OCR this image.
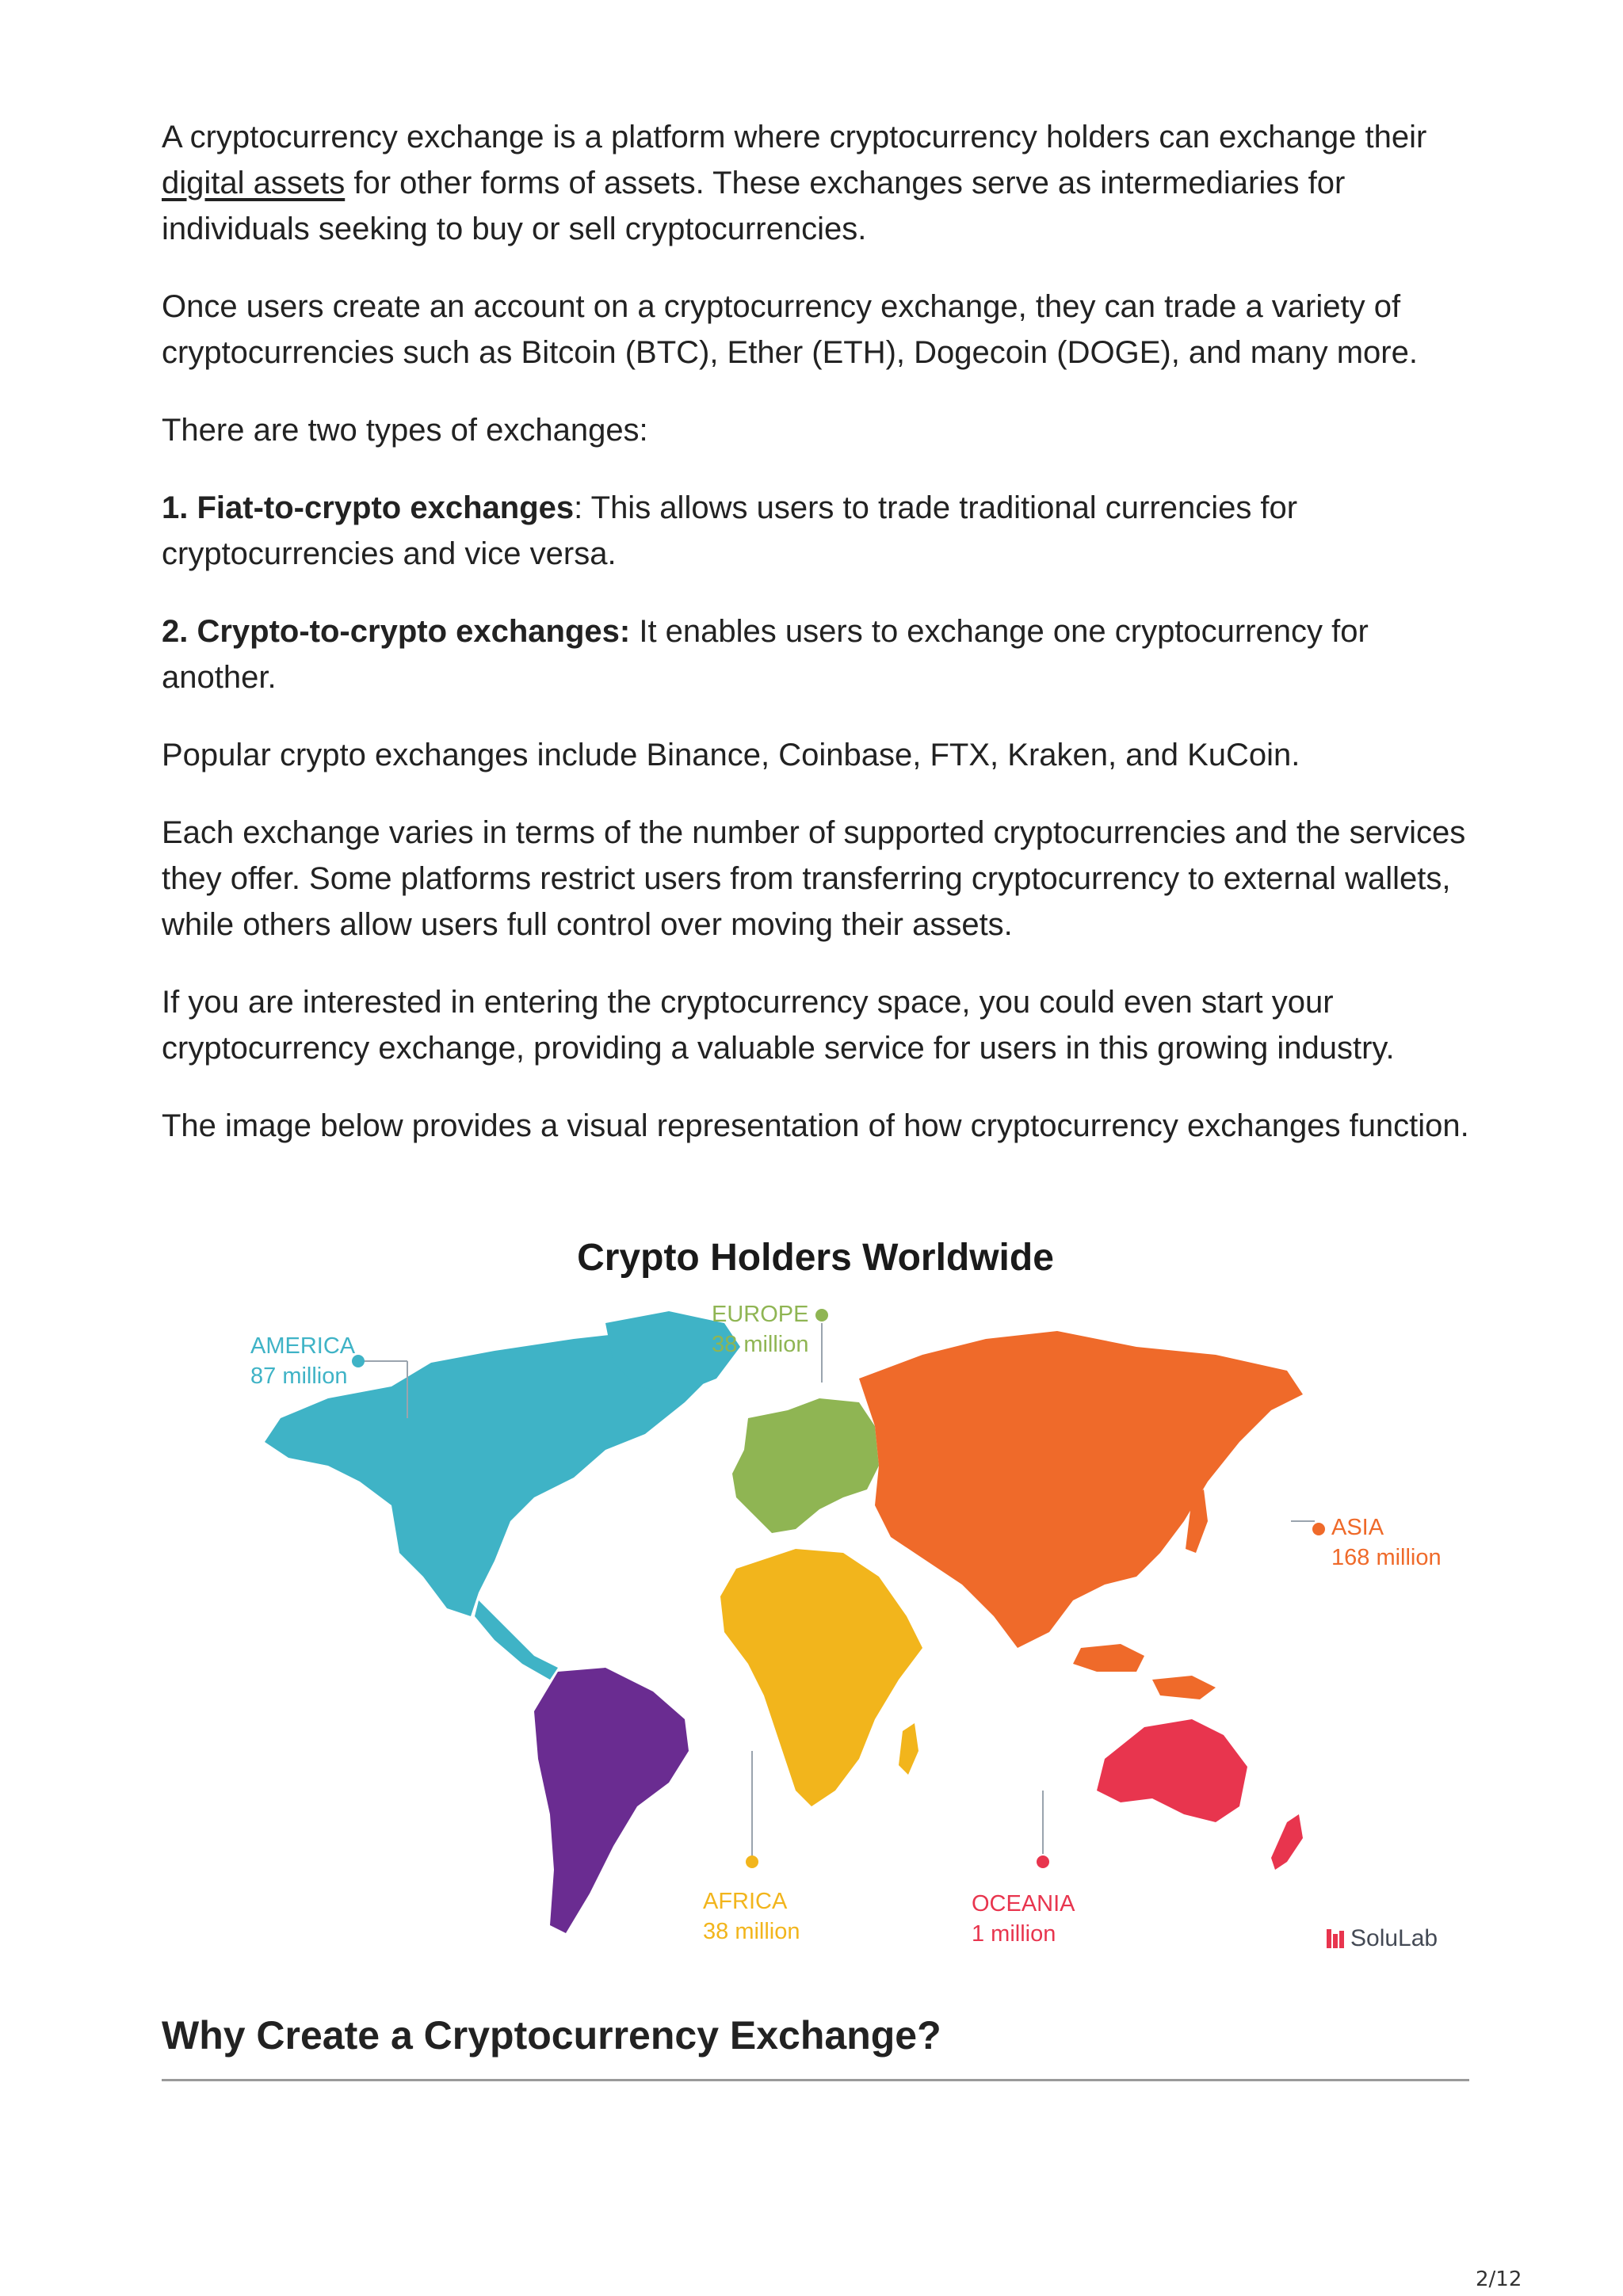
A cryptocurrency exchange is a platform where cryptocurrency holders can exchange their digital assets for other forms of assets. These exchanges serve as intermediaries for individuals seeking to buy or sell cryptocurrencies.

Once users create an account on a cryptocurrency exchange, they can trade a variety of cryptocurrencies such as Bitcoin (BTC), Ether (ETH), Dogecoin (DOGE), and many more.

There are two types of exchanges:

1. Fiat-to-crypto exchanges: This allows users to trade traditional currencies for cryptocurrencies and vice versa.

2. Crypto-to-crypto exchanges: It enables users to exchange one cryptocurrency for another.

Popular crypto exchanges include Binance, Coinbase, FTX, Kraken, and KuCoin.

Each exchange varies in terms of the number of supported cryptocurrencies and the services they offer. Some platforms restrict users from transferring cryptocurrency to external wallets, while others allow users full control over moving their assets.

If you are interested in entering the cryptocurrency space, you could even start your cryptocurrency exchange, providing a valuable service for users in this growing industry.

The image below provides a visual representation of how cryptocurrency exchanges function.

Crypto Holders Worldwide
AMERICA
87 million
EUROPE
38 million
ASIA
168 million
AFRICA
38 million
OCEANIA
1 million	SoluLab
Why Create a Cryptocurrency Exchange?
2/12
